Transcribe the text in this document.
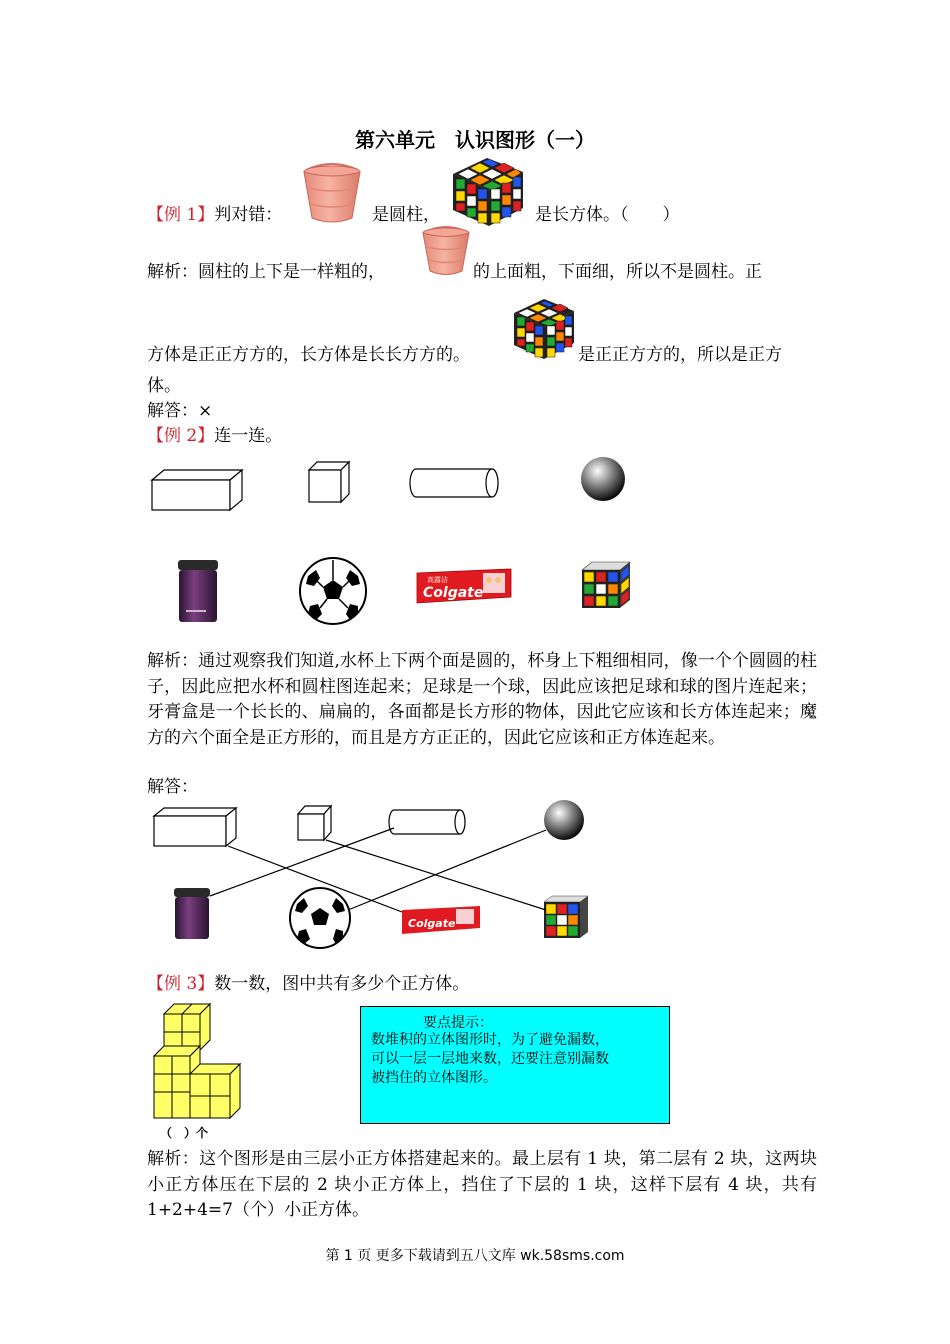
第六单元　认识图形（一）
【例 1】判对错：	是圆柱，	是长方体。（　　）
解析：圆柱的上下是一样粗的，	的上面粗，下面细，所以不是圆柱。正
方体是正正方方的，长方体是长长方方的。	是正正方方的，所以是正方
体。
解答：×
【例 2】连一连。
Colgate
高露洁
解析：通过观察我们知道,水杯上下两个面是圆的，杯身上下粗细相同，像一个个圆圆的柱子，因此应把水杯和圆柱图连起来；足球是一个球，因此应该把足球和球的图片连起来；牙膏盒是一个长长的、扁扁的，各面都是长方形的物体，因此它应该和长方体连起来；魔方的六个面全是正方形的，而且是方方正正的，因此它应该和正方体连起来。
解答：
Colgate
【例 3】数一数，图中共有多少个正方体。
（　）个
要点提示：
数堆积的立体图形时，为了避免漏数，
可以一层一层地来数，还要注意别漏数
被挡住的立体图形。
解析：这个图形是由三层小正方体搭建起来的。最上层有 1 块，第二层有 2 块，这两块小正方体压在下层的 2 块小正方体上，挡住了下层的 1 块，这样下层有 4 块，共有 1+2+4=7（个）小正方体。
第 1 页 更多下载请到五八文库 wk.58sms.com
